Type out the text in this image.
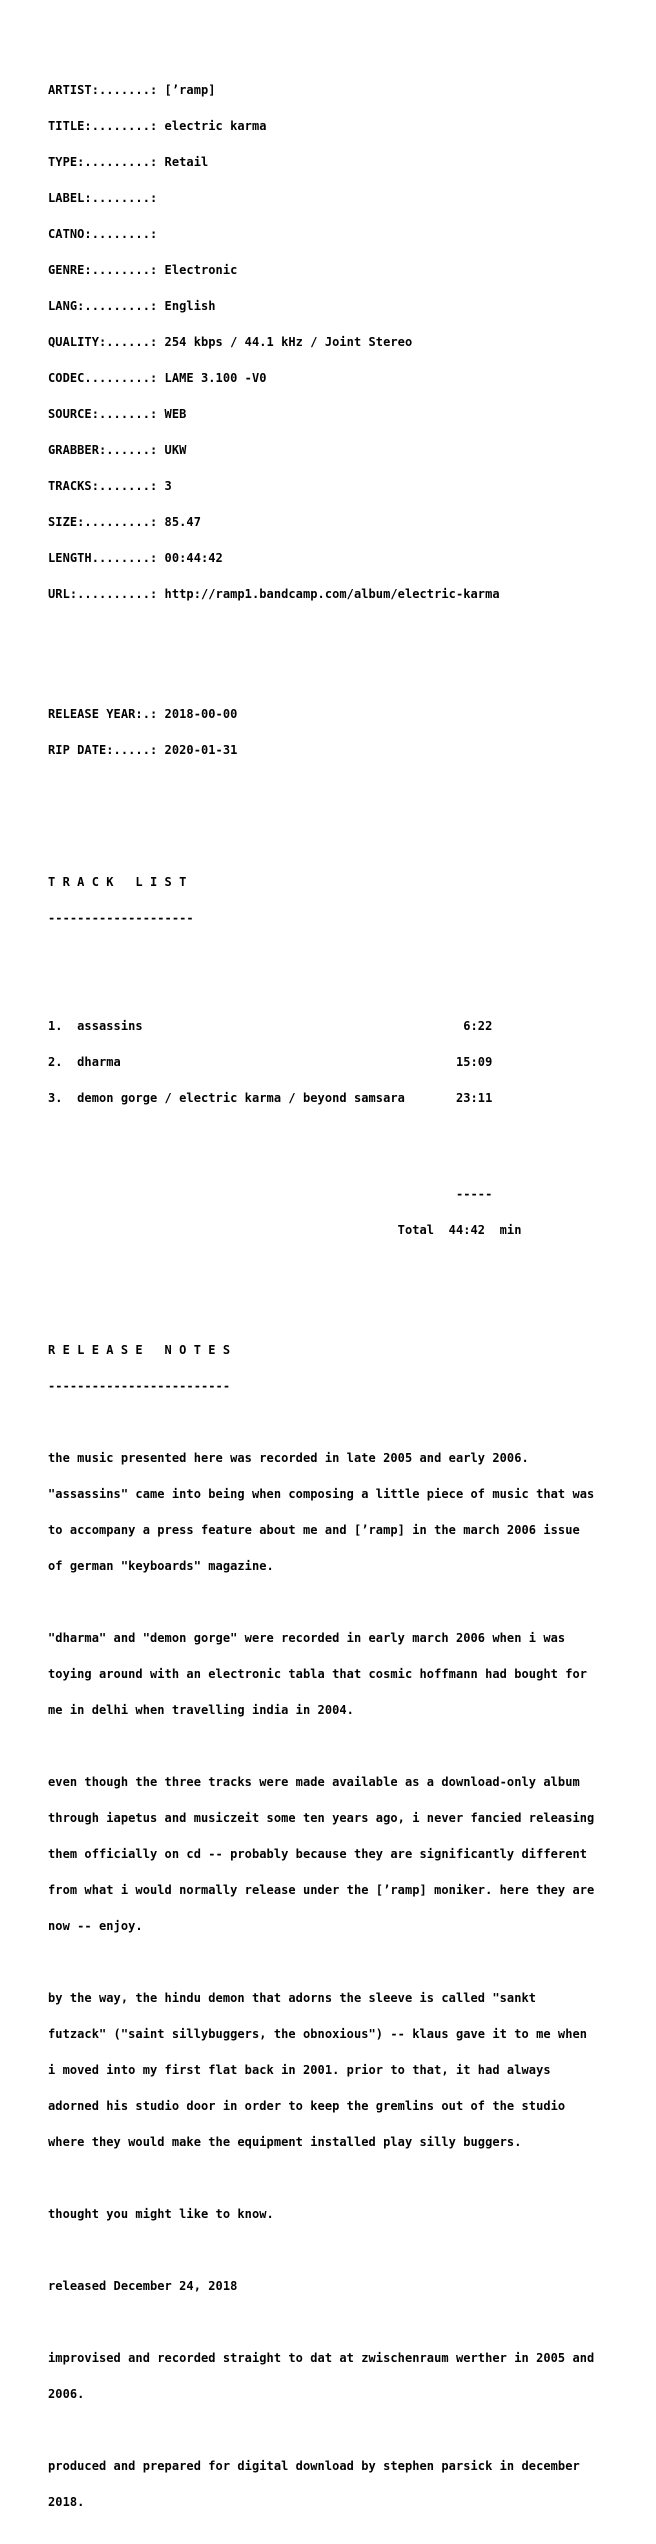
ARTIST:.......: [’ramp]

TITLE:........: electric karma

TYPE:.........: Retail

LABEL:........:

CATNO:........:

GENRE:........: Electronic

LANG:.........: English

QUALITY:......: 254 kbps / 44.1 kHz / Joint Stereo

CODEC.........: LAME 3.100 -V0

SOURCE:.......: WEB

GRABBER:......: UKW

TRACKS:.......: 3

SIZE:.........: 85.47

LENGTH........: 00:44:42

URL:..........: http://ramp1.bandcamp.com/album/electric-karma

RELEASE YEAR:.: 2018-00-00

RIP DATE:.....: 2020-01-31

T R A C K   L I S T

--------------------

1.  assassins                                            6:22

2.  dharma                                              15:09

3.  demon gorge / electric karma / beyond samsara       23:11

-----

Total  44:42  min

R E L E A S E   N O T E S

-------------------------

the music presented here was recorded in late 2005 and early 2006.

"assassins" came into being when composing a little piece of music that was

to accompany a press feature about me and [’ramp] in the march 2006 issue

of german "keyboards" magazine.

"dharma" and "demon gorge" were recorded in early march 2006 when i was

toying around with an electronic tabla that cosmic hoffmann had bought for

me in delhi when travelling india in 2004.

even though the three tracks were made available as a download-only album

through iapetus and musiczeit some ten years ago, i never fancied releasing

them officially on cd -- probably because they are significantly different

from what i would normally release under the [’ramp] moniker. here they are

now -- enjoy.

by the way, the hindu demon that adorns the sleeve is called "sankt

futzack" ("saint sillybuggers, the obnoxious") -- klaus gave it to me when

i moved into my first flat back in 2001. prior to that, it had always

adorned his studio door in order to keep the gremlins out of the studio

where they would make the equipment installed play silly buggers.

thought you might like to know.

released December 24, 2018

improvised and recorded straight to dat at zwischenraum werther in 2005 and

2006.

produced and prepared for digital download by stephen parsick in december

2018.
